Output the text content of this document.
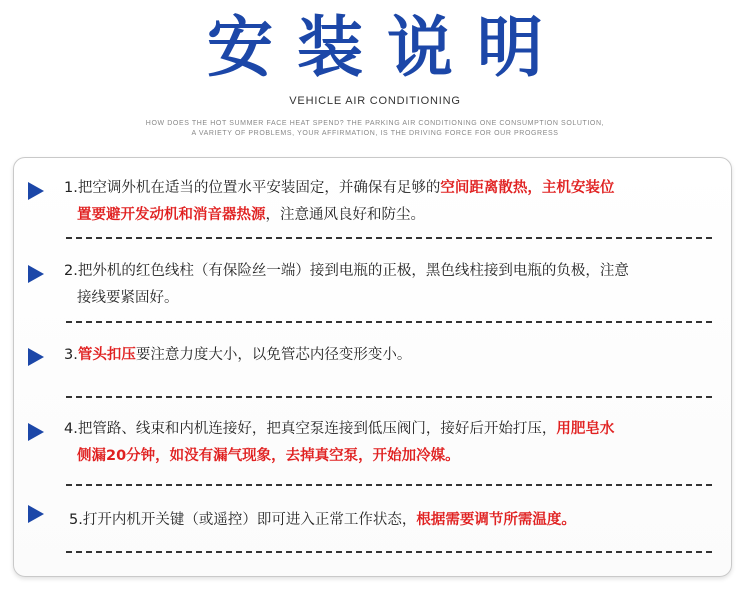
安装说明
VEHICLE AIR CONDITIONING
HOW DOES THE HOT SUMMER FACE HEAT SPEND? THE PARKING AIR CONDITIONING ONE CONSUMPTION SOLUTION,
A VARIETY OF PROBLEMS, YOUR AFFIRMATION, IS THE DRIVING FORCE FOR OUR PROGRESS
1.把空调外机在适当的位置水平安装固定，并确保有足够的空间距离散热，主机安装位
置要避开发动机和消音器热源，注意通风良好和防尘。
2.把外机的红色线柱（有保险丝一端）接到电瓶的正极，黑色线柱接到电瓶的负极，注意
接线要紧固好。
3.管头扣压要注意力度大小，以免管芯内径变形变小。
4.把管路、线束和内机连接好，把真空泵连接到低压阀门，接好后开始打压，用肥皂水
侧漏20分钟，如没有漏气现象，去掉真空泵，开始加冷媒。
5.打开内机开关键（或遥控）即可进入正常工作状态，根据需要调节所需温度。
